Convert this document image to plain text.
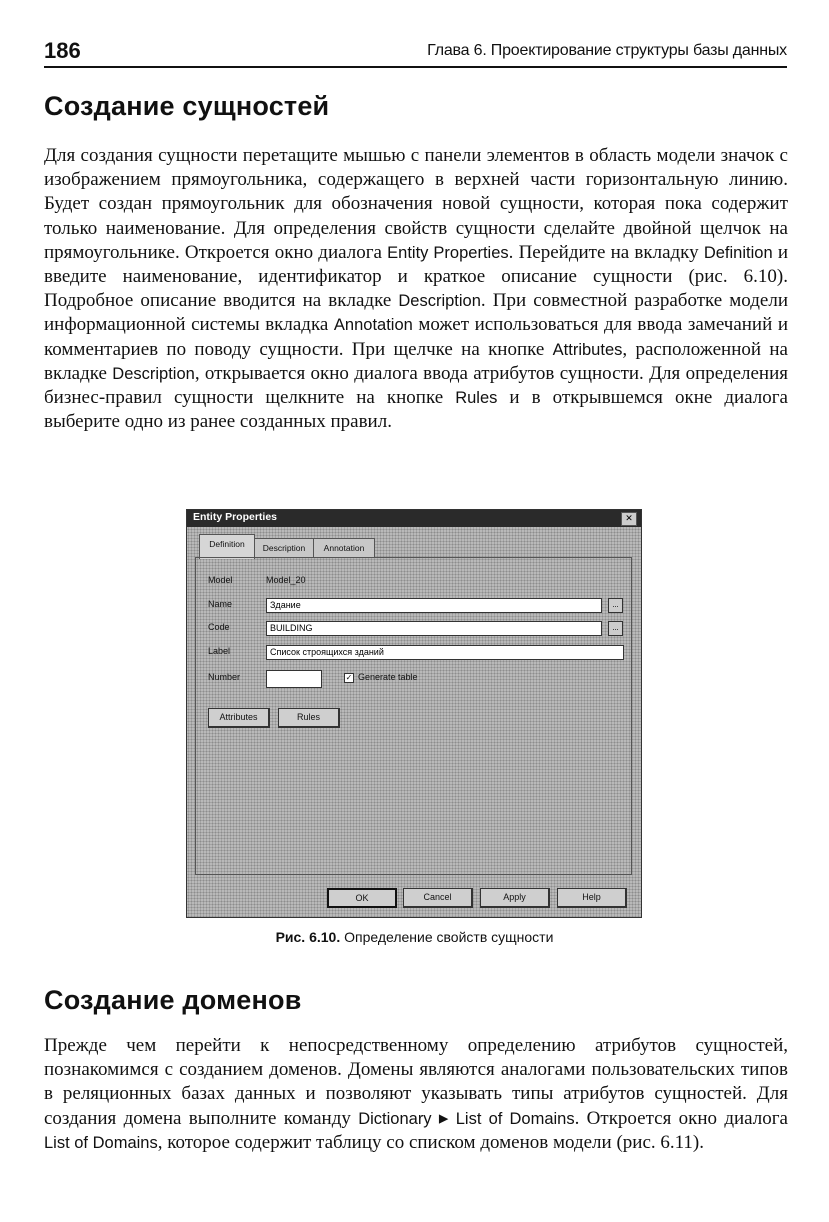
186	Глава 6. Проектирование структуры базы данных
Создание сущностей
Для создания сущности перетащите мышью с панели элементов в область модели значок с изображением прямоугольника, содержащего в верхней части горизонтальную линию. Будет создан прямоугольник для обозначения новой сущности, которая пока содержит только наименование. Для определения свойств сущности сделайте двойной щелчок на прямоугольнике. Откроется окно диалога Entity Properties. Перейдите на вкладку Definition и введите наименование, идентификатор и краткое описание сущности (рис. 6.10). Подробное описание вводится на вкладке Description. При совместной разработке модели информационной системы вкладка Annotation может использоваться для ввода замечаний и комментариев по поводу сущности. При щелчке на кнопке Attributes, расположенной на вкладке Description, открывается окно диалога ввода атрибутов сущности. Для определения бизнес-правил сущности щелкните на кнопке Rules и в открывшемся окне диалога выберите одно из ранее созданных правил.
Entity Properties	✕
Definition	Description	Annotation
Model	Model_20
Name	Здание	...
Code	BUILDING	...
Label	Список строящихся зданий
Number	✓ Generate table
Attributes	Rules
OK	Cancel	Apply	Help
Рис. 6.10. Определение свойств сущности
Создание доменов
Прежде чем перейти к непосредственному определению атрибутов сущностей, познакомимся с созданием доменов. Домены являются аналогами пользовательских типов в реляционных базах данных и позволяют указывать типы атрибутов сущностей. Для создания домена выполните команду Dictionary ▸ List of Domains. Откроется окно диалога List of Domains, которое содержит таблицу со списком доменов модели (рис. 6.11).
